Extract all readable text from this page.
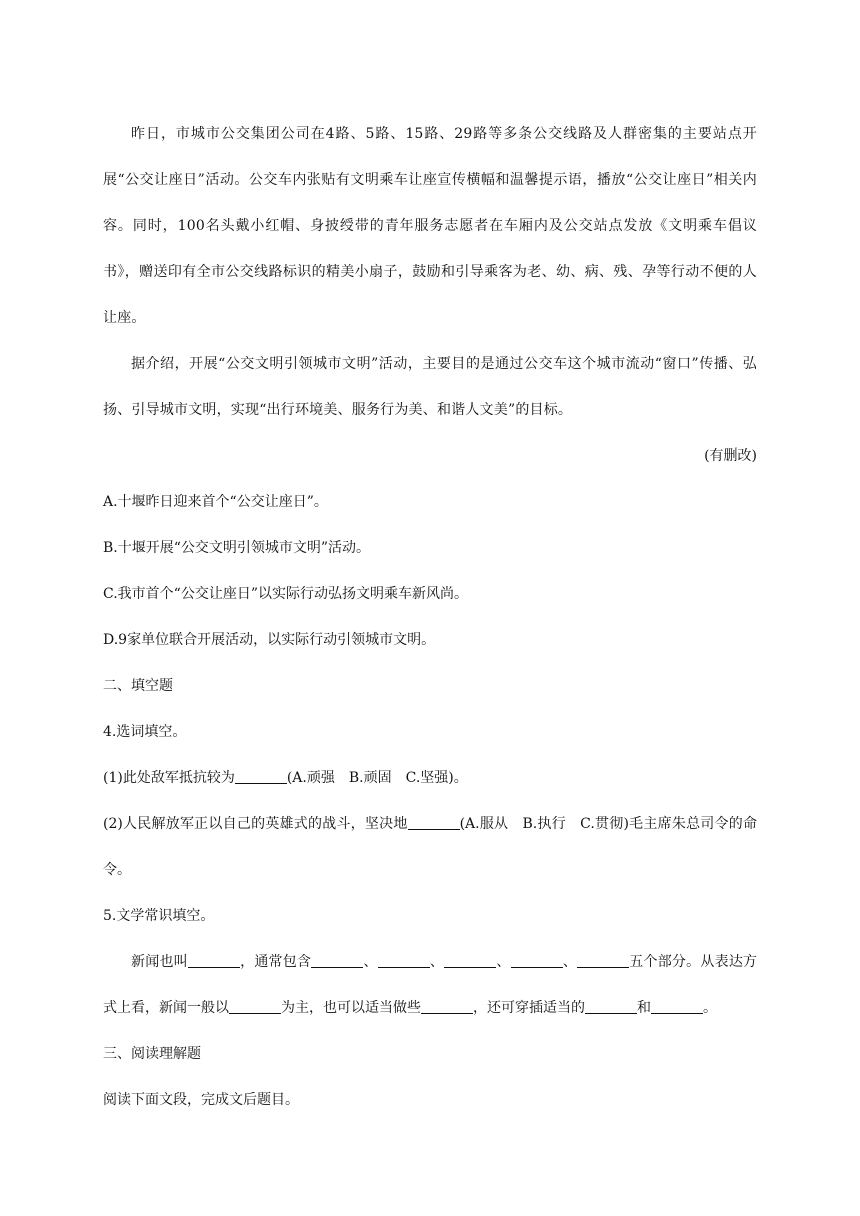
昨日，市城市公交集团公司在4路、5路、15路、29路等多条公交线路及人群密集的主要站点开展“公交让座日”活动。公交车内张贴有文明乘车让座宣传横幅和温馨提示语，播放“公交让座日”相关内容。同时，100名头戴小红帽、身披绶带的青年服务志愿者在车厢内及公交站点发放《文明乘车倡议书》，赠送印有全市公交线路标识的精美小扇子，鼓励和引导乘客为老、幼、病、残、孕等行动不便的人让座。

据介绍，开展“公交文明引领城市文明”活动，主要目的是通过公交车这个城市流动“窗口”传播、弘扬、引导城市文明，实现“出行环境美、服务行为美、和谐人文美”的目标。

(有删改)

A.十堰昨日迎来首个“公交让座日”。

B.十堰开展“公交文明引领城市文明”活动。

C.我市首个“公交让座日”以实际行动弘扬文明乘车新风尚。

D.9家单位联合开展活动，以实际行动引领城市文明。

二、填空题

4.选词填空。

(1)此处敌军抵抗较为	(A.顽强　B.顽固　C.坚强)。

(2)人民解放军正以自己的英雄式的战斗，坚决地	(A.服从　B.执行　C.贯彻)毛主席朱总司令的命令。

5.文学常识填空。

新闻也叫	，通常包含	、	、	、	、	五个部分。从表达方式上看，新闻一般以	为主，也可以适当做些	，还可穿插适当的	和	。

三、阅读理解题

阅读下面文段，完成文后题目。
